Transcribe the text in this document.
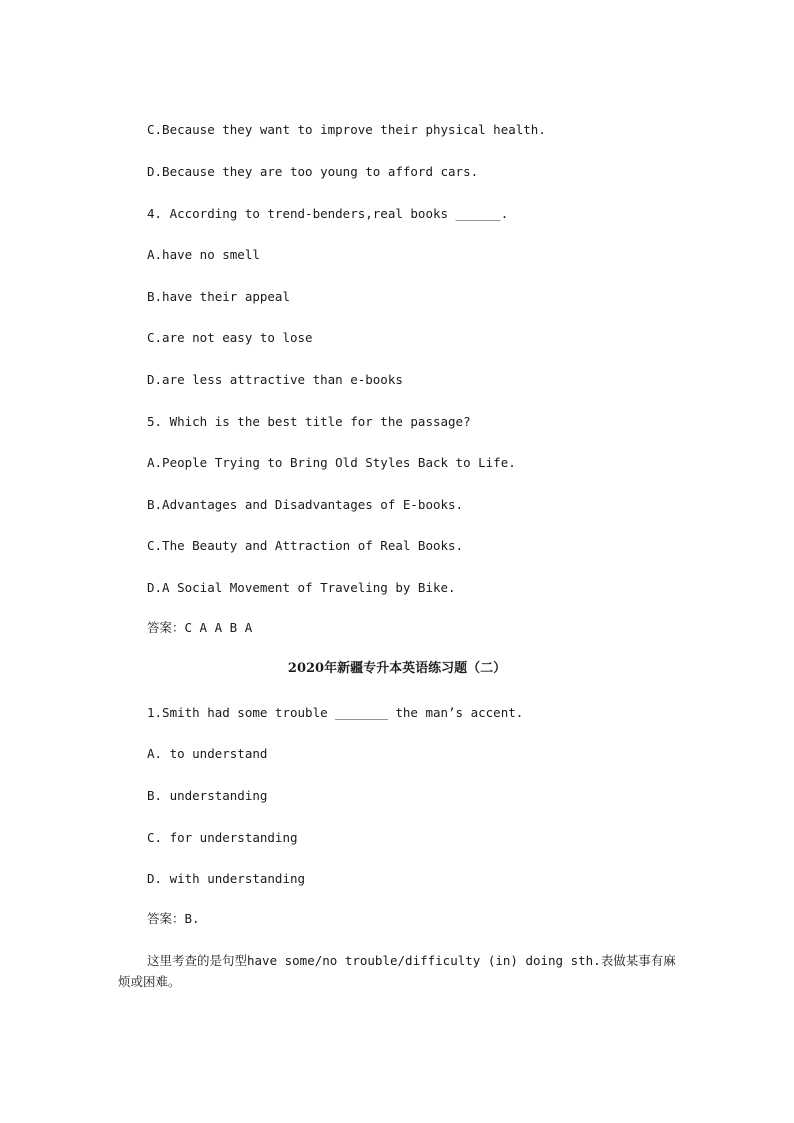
C.Because they want to improve their physical health.

D.Because they are too young to afford cars.

4. According to trend-benders,real books ______.

A.have no smell

B.have their appeal

C.are not easy to lose

D.are less attractive than e-books

5. Which is the best title for the passage?

A.People Trying to Bring Old Styles Back to Life.

B.Advantages and Disadvantages of E-books.

C.The Beauty and Attraction of Real Books.

D.A Social Movement of Traveling by Bike.

答案：C A A B A

2020年新疆专升本英语练习题（二）

1.Smith had some trouble _______ the man’s accent.

A. to understand

B. understanding

C. for understanding

D. with understanding

答案：B.

这里考查的是句型have some/no trouble/difficulty (in) doing sth.表做某事有麻烦或困难。
